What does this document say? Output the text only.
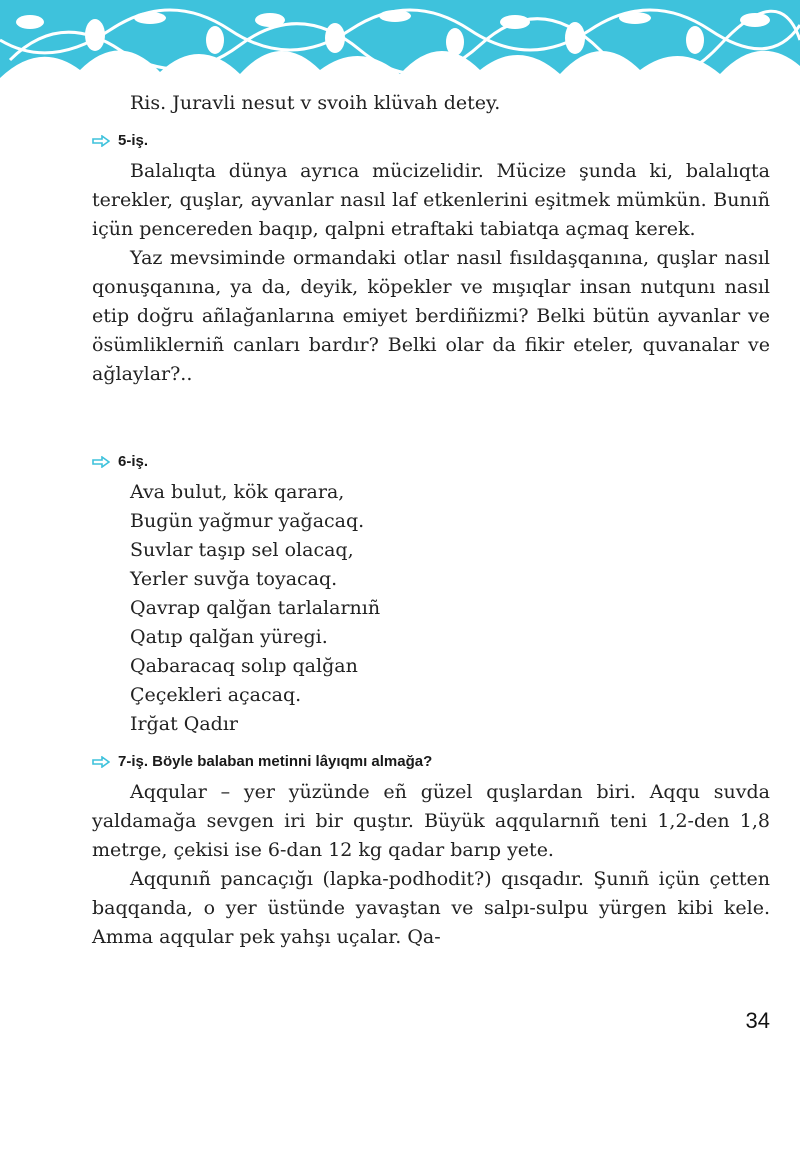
Ris. Juravli nesut v svoih klüvah detey.
5-iş.

Balalıqta dünya ayrıca mücizelidir. Mücize şunda ki, balalıqta terekler, quşlar, ayvanlar nasıl laf etkenlerini eşitmek mümkün. Bunıñ içün pencereden baqıp, qalpni etraftaki tabiatqa açmaq kerek.

Yaz mevsiminde ormandaki otlar nasıl fısıldaşqanına, quşlar nasıl qonuşqanına, ya da, deyik, köpekler ve mışıqlar insan nutqunı nasıl etip doğru añlağanlarına emiyet berdiñizmi? Belki bütün ayvanlar ve ösümliklerniñ canları bardır? Belki olar da fikir eteler, quvanalar ve ağlaylar?..

6-iş.
Ava bulut, kök qarara,
Bugün yağmur yağacaq.
Suvlar taşıp sel olacaq,
Yerler suvğa toyacaq.
Qavrap qalğan tarlalarnıñ
Qatıp qalğan yüregi.
Qabaracaq solıp qalğan
Çeçekleri açacaq.
Irğat Qadır
7-iş. Böyle balaban metinni lâyıqmı almağa?

Aqqular – yer yüzünde eñ güzel quşlardan biri. Aqqu suvda yaldamağa sevgen iri bir quştır. Büyük aqqularnıñ teni 1,2-den 1,8 metrge, çekisi ise 6-dan 12 kg qadar barıp yete.

Aqqunıñ pancaçığı (lapka-podhodit?) qısqadır. Şunıñ içün çetten baqqanda, o yer üstünde yavaştan ve salpı-sulpu yürgen kibi kele. Amma aqqular pek yahşı uçalar. Qa-

34
